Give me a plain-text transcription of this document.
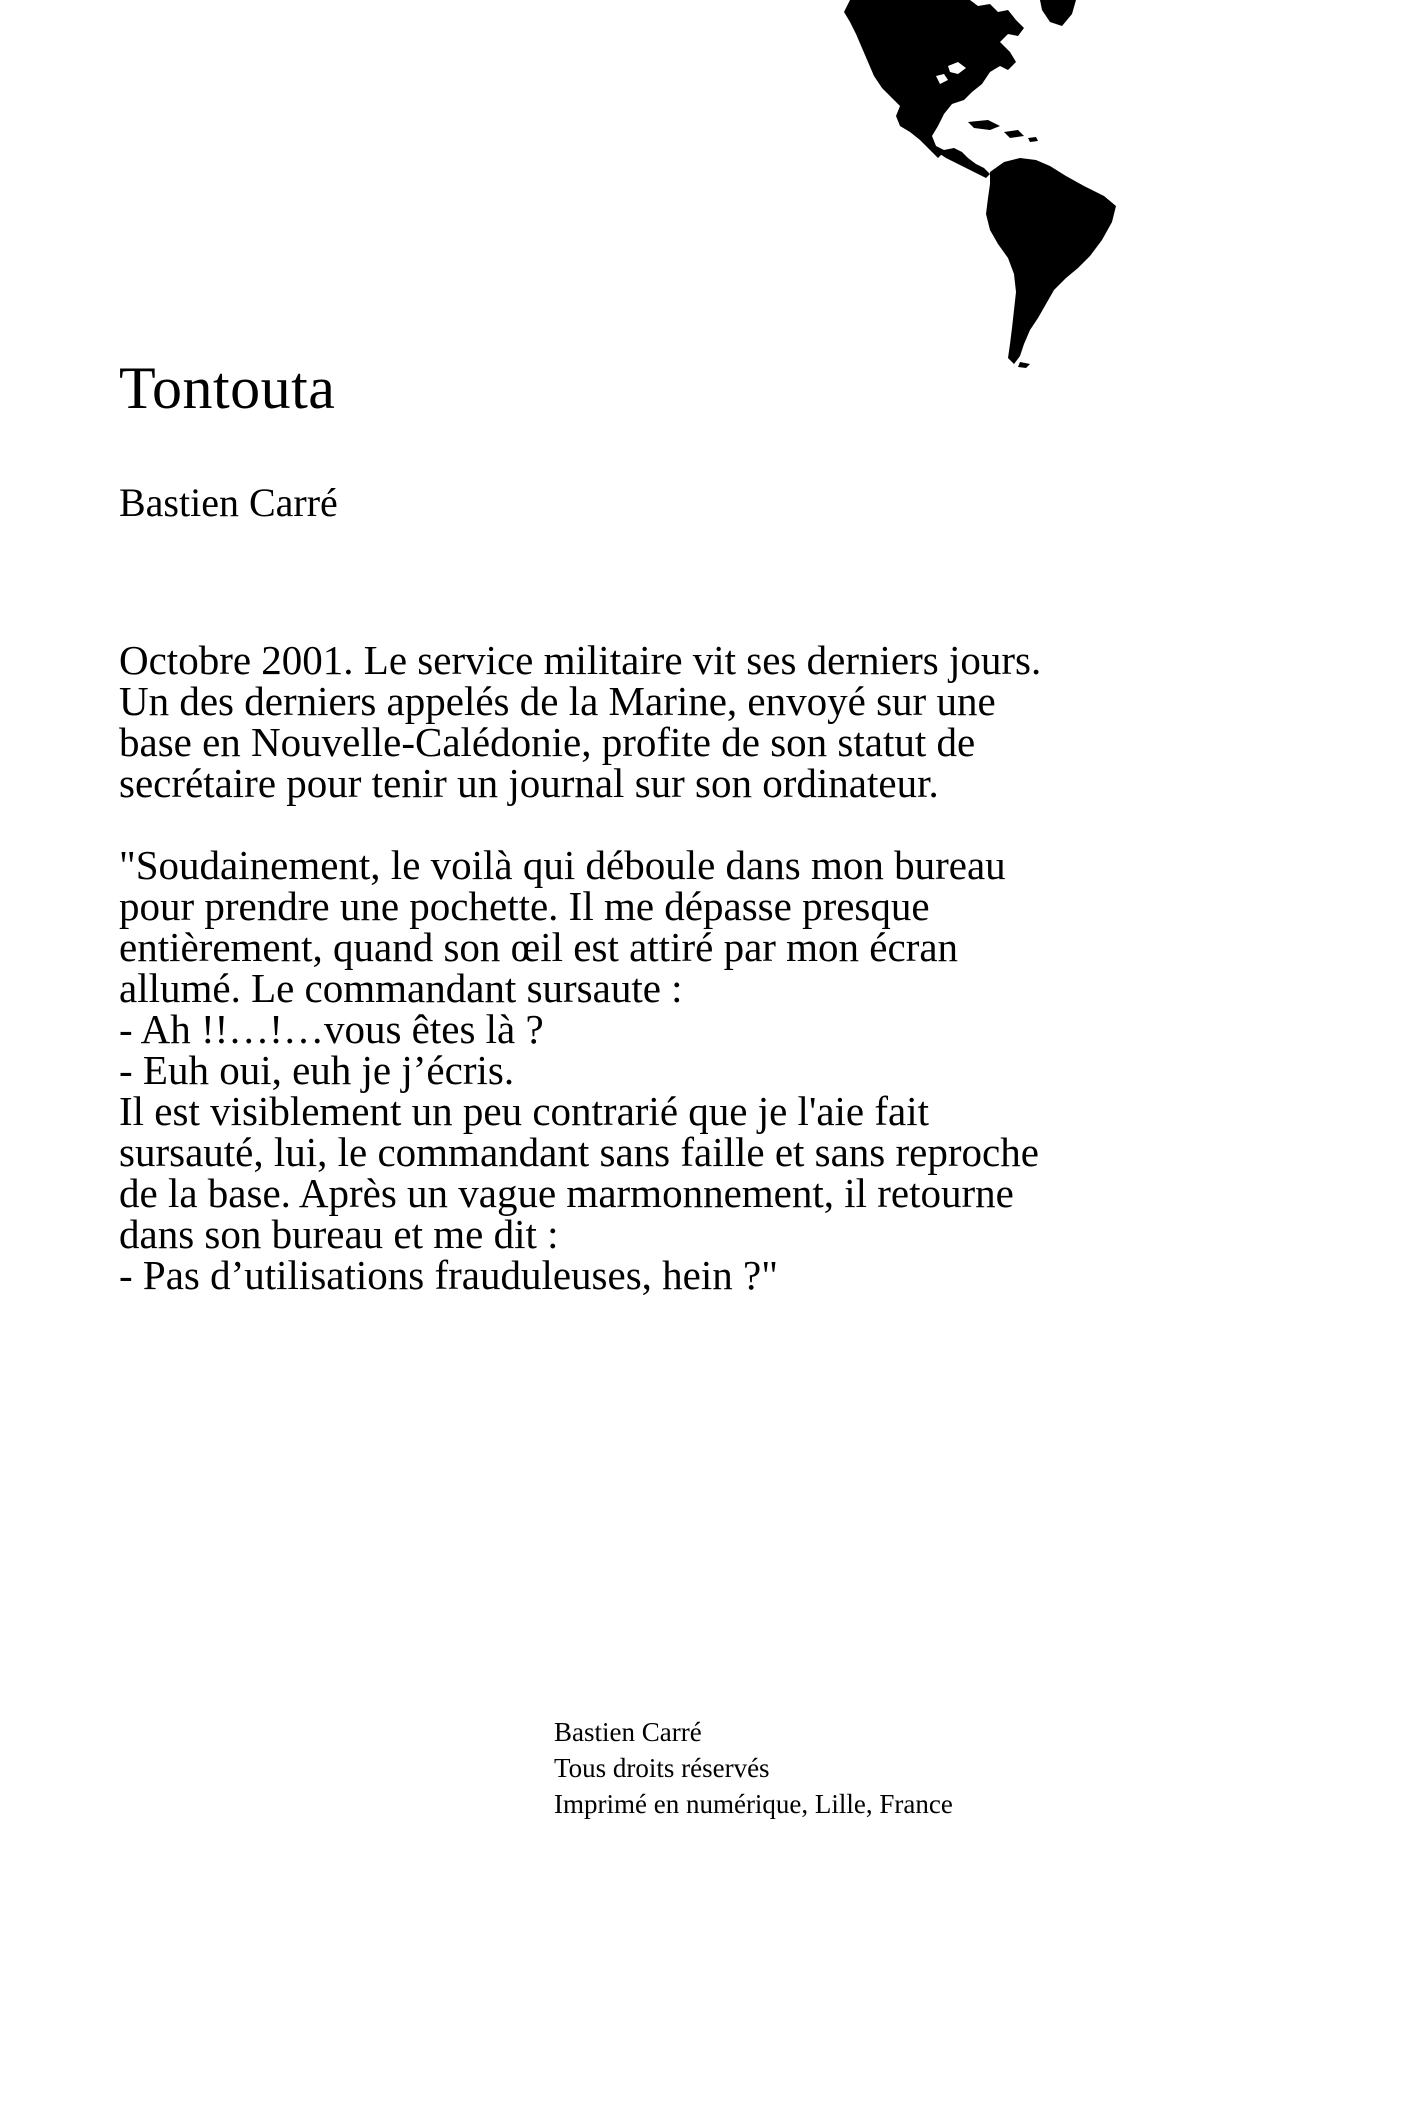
Tontouta
Bastien Carré

Octobre 2001. Le service militaire vit ses derniers jours. Un des derniers appelés de la Marine, envoyé sur une base en Nouvelle-Calédonie, profite de son statut de secrétaire pour tenir un journal sur son ordinateur.

"Soudainement, le voilà qui déboule dans mon bureau pour prendre une pochette. Il me dépasse presque entièrement, quand son œil est attiré par mon écran allumé. Le commandant sursaute :
- Ah !!…!…vous êtes là ?
- Euh oui, euh je j’écris.
Il est visiblement un peu contrarié que je l'aie fait sursauté, lui, le commandant sans faille et sans reproche de la base. Après un vague marmonnement, il retourne dans son bureau et me dit :
- Pas d’utilisations frauduleuses, hein ?"

Bastien Carré
Tous droits réservés
Imprimé en numérique, Lille, France
